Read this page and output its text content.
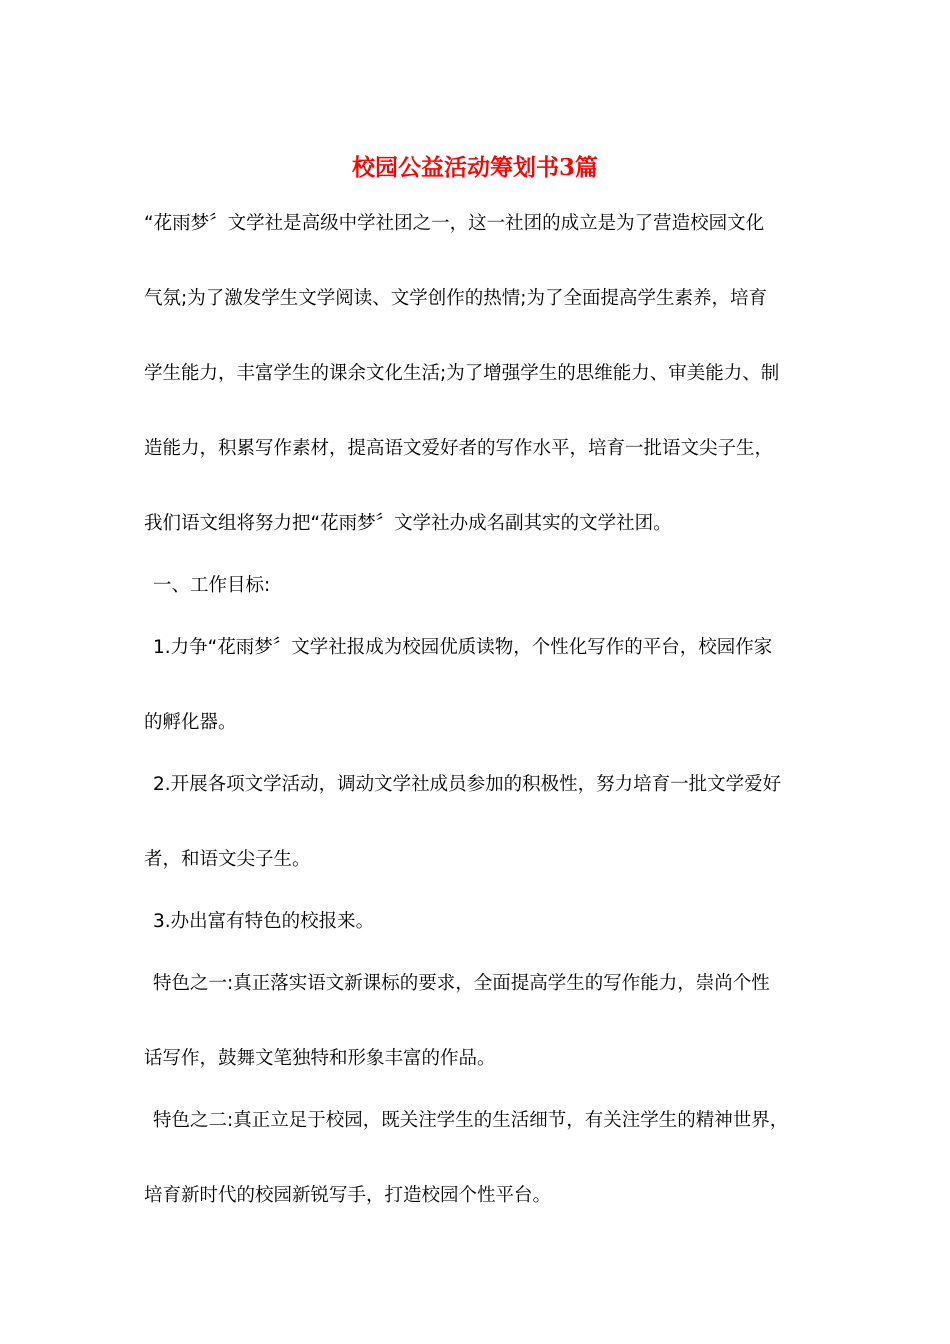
校园公益活动筹划书3篇

“花雨梦〞文学社是高级中学社团之一，这一社团的成立是为了营造校园文化

气氛;为了激发学生文学阅读、文学创作的热情;为了全面提高学生素养，培育

学生能力，丰富学生的课余文化生活;为了增强学生的思维能力、审美能力、制

造能力，积累写作素材，提高语文爱好者的写作水平，培育一批语文尖子生，

我们语文组将努力把“花雨梦〞文学社办成名副其实的文学社团。

一、工作目标:

1.力争“花雨梦〞文学社报成为校园优质读物，个性化写作的平台，校园作家

的孵化器。

2.开展各项文学活动，调动文学社成员参加的积极性，努力培育一批文学爱好

者，和语文尖子生。

3.办出富有特色的校报来。

特色之一:真正落实语文新课标的要求，全面提高学生的写作能力，崇尚个性

话写作，鼓舞文笔独特和形象丰富的作品。

特色之二:真正立足于校园，既关注学生的生活细节，有关注学生的精神世界，

培育新时代的校园新锐写手，打造校园个性平台。
